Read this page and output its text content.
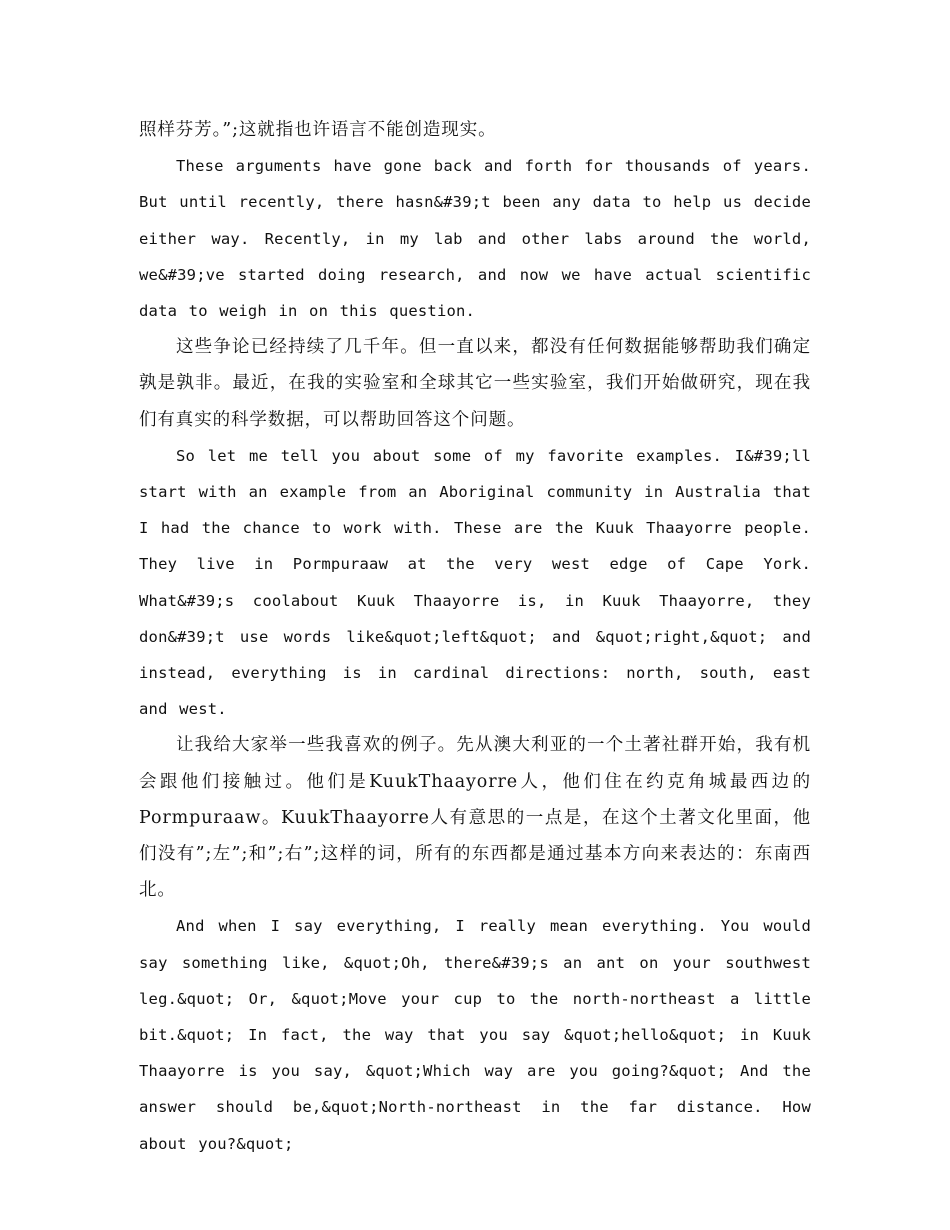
照样芬芳。”;这就指也许语言不能创造现实。

These arguments have gone back and forth for thousands of years. But until recently, there hasn&#39;t been any data to help us decide either way. Recently, in my lab and other labs around the world, we&#39;ve started doing research, and now we have actual scientific data to weigh in on this question.

这些争论已经持续了几千年。但一直以来，都没有任何数据能够帮助我们确定孰是孰非。最近，在我的实验室和全球其它一些实验室，我们开始做研究，现在我们有真实的科学数据，可以帮助回答这个问题。

So let me tell you about some of my favorite examples. I&#39;ll start with an example from an Aboriginal community in Australia that I had the chance to work with. These are the Kuuk Thaayorre people. They live in Pormpuraaw at the very west edge of Cape York. What&#39;s coolabout Kuuk Thaayorre is, in Kuuk Thaayorre, they don&#39;t use words like&quot;left&quot; and &quot;right,&quot; and instead, everything is in cardinal directions: north, south, east and west.

让我给大家举一些我喜欢的例子。先从澳大利亚的一个土著社群开始，我有机会跟他们接触过。他们是KuukThaayorre人，他们住在约克角城最西边的Pormpuraaw。KuukThaayorre人有意思的一点是，在这个土著文化里面，他们没有”;左”;和”;右”;这样的词，所有的东西都是通过基本方向来表达的：东南西北。

And when I say everything, I really mean everything. You would say something like, &quot;Oh, there&#39;s an ant on your southwest leg.&quot; Or, &quot;Move your cup to the north-northeast a little bit.&quot; In fact, the way that you say &quot;hello&quot; in Kuuk Thaayorre is you say, &quot;Which way are you going?&quot; And the answer should be,&quot;North-northeast in the far distance. How about you?&quot;
